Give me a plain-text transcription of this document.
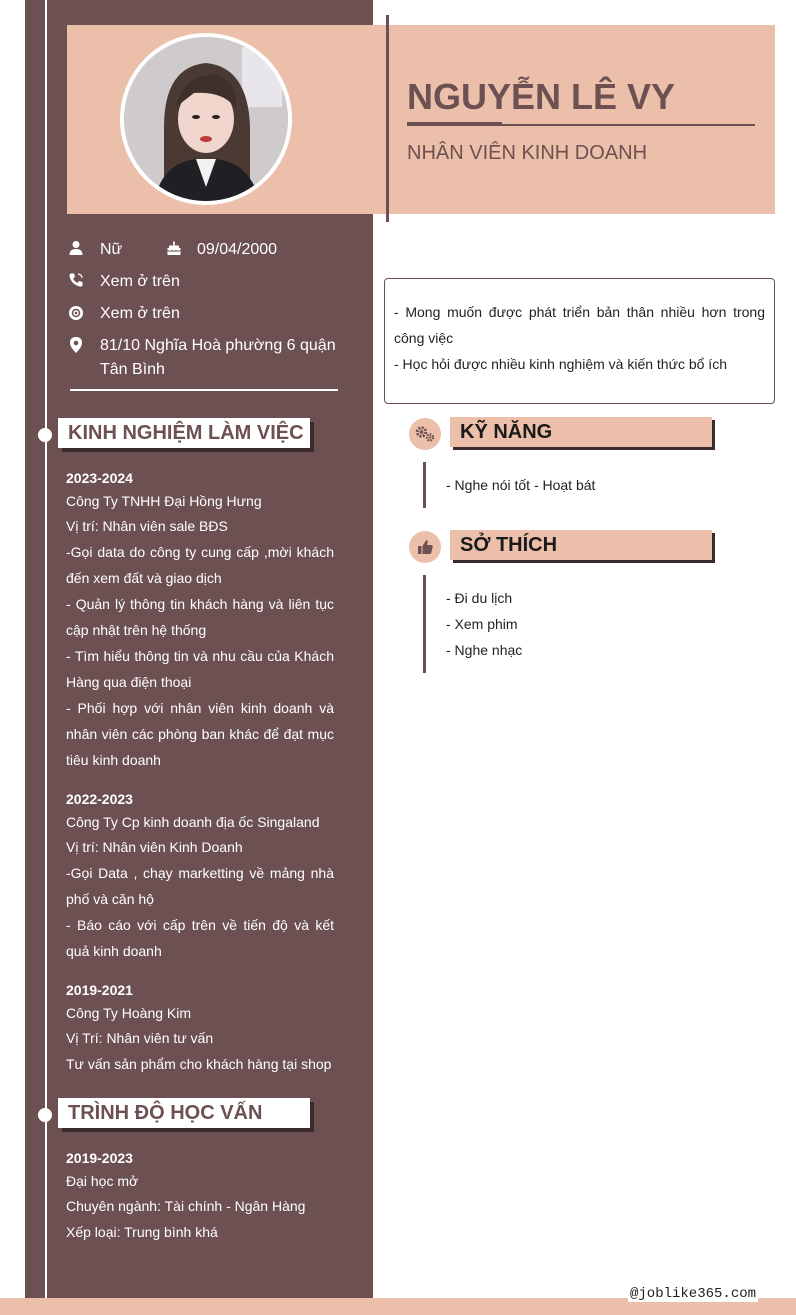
NGUYỄN LÊ VY
NHÂN VIÊN KINH DOANH
Nữ	09/04/2000
Xem ở trên
Xem ở trên
81/10 Nghĩa Hoà phường 6 quận
Tân Bình
KINH NGHIỆM LÀM VIỆC
2023-2024
Công Ty TNHH Đại Hồng Hưng
Vị trí: Nhân viên sale BĐS
-Gọi data do công ty cung cấp ,mời khách đến xem đất và giao dịch
- Quản lý thông tin khách hàng và liên tục cập nhật trên hệ thống
- Tìm hiểu thông tin và nhu cầu của Khách Hàng qua điện thoại
- Phối hợp với nhân viên kinh doanh và nhân viên các phòng ban khác để đạt mục tiêu kinh doanh
2022-2023
Công Ty Cp kinh doanh địa ốc Singaland
Vị trí: Nhân viên Kinh Doanh
-Gọi Data , chạy marketting về mảng nhà phố và căn hộ
- Báo cáo với cấp trên về tiến độ và kết quả kinh doanh
2019-2021
Công Ty Hoàng Kim
Vị Trí: Nhân viên tư vấn
Tư vấn sản phẩm cho khách hàng tại shop
TRÌNH ĐỘ HỌC VẤN
2019-2023
Đại học mở
Chuyên ngành: Tài chính - Ngân Hàng
Xếp loại: Trung bình khá
- Mong muốn được phát triển bản thân nhiều hơn trong công việc
- Học hỏi được nhiều kinh nghiệm và kiến thức bổ ích
KỸ NĂNG
- Nghe nói tốt - Hoạt bát
SỞ THÍCH
- Đi du lịch
- Xem phim
- Nghe nhạc
@joblike365.com
